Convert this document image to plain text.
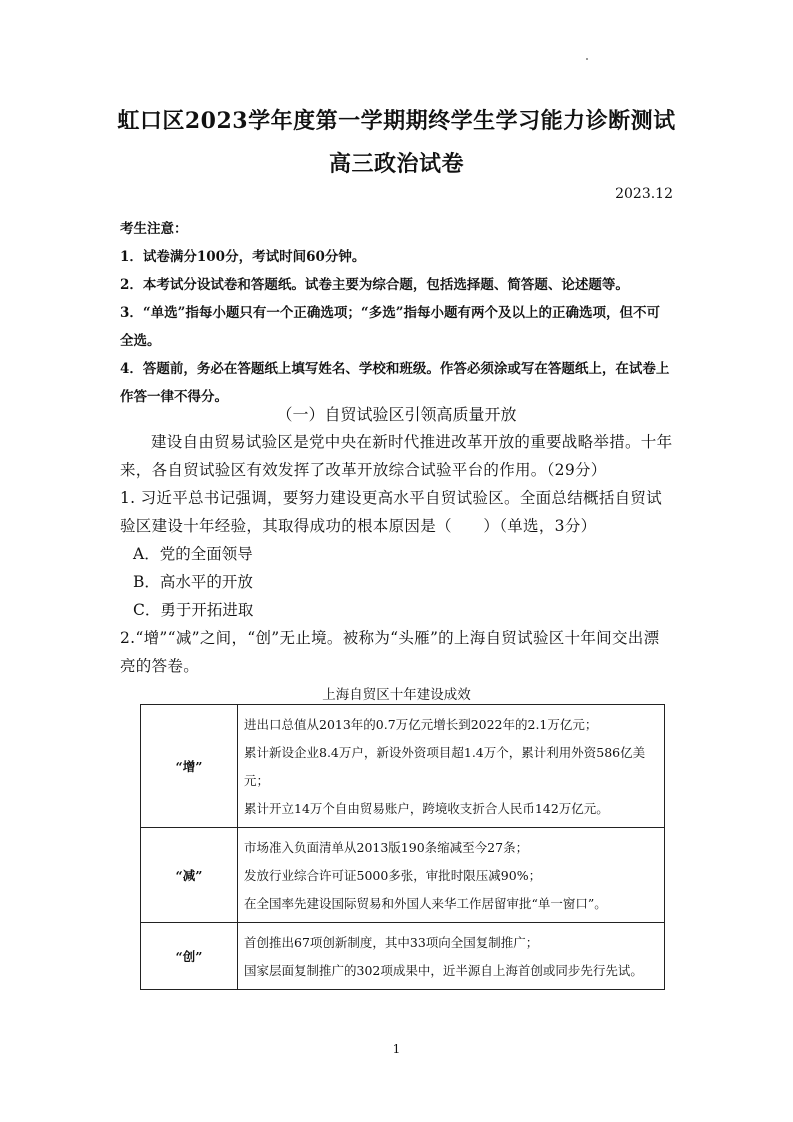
虹口区2023学年度第一学期期终学生学习能力诊断测试
高三政治试卷
2023.12
考生注意：
1．试卷满分100分，考试时间60分钟。
2．本考试分设试卷和答题纸。试卷主要为综合题，包括选择题、简答题、论述题等。
3．“单选”指每小题只有一个正确选项；“多选”指每小题有两个及以上的正确选项，但不可全选。
4．答题前，务必在答题纸上填写姓名、学校和班级。作答必须涂或写在答题纸上，在试卷上作答一律不得分。
（一）自贸试验区引领高质量开放
建设自由贸易试验区是党中央在新时代推进改革开放的重要战略举措。十年来，各自贸试验区有效发挥了改革开放综合试验平台的作用。（29分）
1. 习近平总书记强调，要努力建设更高水平自贸试验区。全面总结概括自贸试验区建设十年经验，其取得成功的根本原因是（　　）（单选，3分）
A．党的全面领导
B．高水平的开放
C．勇于开拓进取
2.“增”“减”之间，“创”无止境。被称为“头雁”的上海自贸试验区十年间交出漂亮的答卷。
上海自贸区十年建设成效
“增”	进出口总值从2013年的0.7万亿元增长到2022年的2.1万亿元；
累计新设企业8.4万户，新设外资项目超1.4万个，累计利用外资586亿美元；
累计开立14万个自由贸易账户，跨境收支折合人民币142万亿元。

“减”	市场准入负面清单从2013版190条缩减至今27条；
发放行业综合许可证5000多张，审批时限压减90%；
在全国率先建设国际贸易和外国人来华工作居留审批“单一窗口”。

“创”	首创推出67项创新制度，其中33项向全国复制推广；
国家层面复制推广的302项成果中，近半源自上海首创或同步先行先试。
1
